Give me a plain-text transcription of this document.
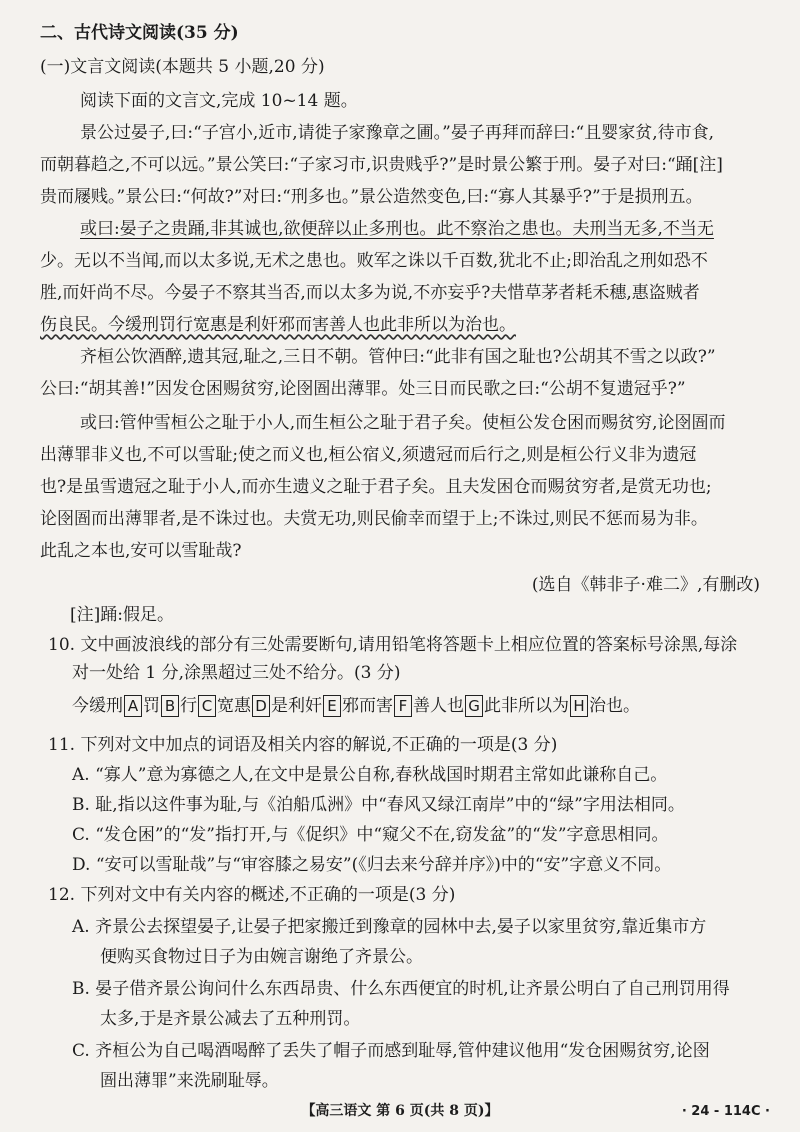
二、古代诗文阅读(35 分)
(一)文言文阅读(本题共 5 小题,20 分)
阅读下面的文言文,完成 10~14 题。
景公过晏子,曰:“子宫小,近市,请徙子家豫章之圃。”晏子再拜而辞曰:“且婴家贫,待市食,
而朝暮趋之,不可以远。”景公笑曰:“子家习市,识贵贱乎?”是时景公繁于刑。晏子对曰:“踊[注]
贵而屦贱。”景公曰:“何故?”对曰:“刑多也。”景公造然变色,曰:“寡人其暴乎?”于是损刑五。
或曰:晏子之贵踊,非其诚也,欲便辞以止多刑也。此不察治之患也。夫刑当无多,不当无
少。无以不当闻,而以太多说,无术之患也。败军之诛以千百数,犹北不止;即治乱之刑如恐不
胜,而奸尚不尽。今晏子不察其当否,而以太多为说,不亦妄乎?夫惜草茅者耗禾穗,惠盗贼者
伤良民。今缓刑罚行宽惠是利奸邪而害善人也此非所以为治也。
齐桓公饮酒醉,遗其冠,耻之,三日不朝。管仲曰:“此非有国之耻也?公胡其不雪之以政?”
公曰:“胡其善!”因发仓困赐贫穷,论囹圄出薄罪。处三日而民歌之曰:“公胡不复遗冠乎?”
或曰:管仲雪桓公之耻于小人,而生桓公之耻于君子矣。使桓公发仓困而赐贫穷,论囹圄而
出薄罪非义也,不可以雪耻;使之而义也,桓公宿义,须遗冠而后行之,则是桓公行义非为遗冠
也?是虽雪遗冠之耻于小人,而亦生遗义之耻于君子矣。且夫发困仓而赐贫穷者,是赏无功也;
论囹圄而出薄罪者,是不诛过也。夫赏无功,则民偷幸而望于上;不诛过,则民不惩而易为非。
此乱之本也,安可以雪耻哉?
(选自《韩非子·难二》,有删改)
[注]踊:假足。
10. 文中画波浪线的部分有三处需要断句,请用铅笔将答题卡上相应位置的答案标号涂黑,每涂
对一处给 1 分,涂黑超过三处不给分。(3 分)
今缓刑 A 罚 B 行 C 宽惠 D 是利奸 E 邪而害 F 善人也 G 此非所以为 H 治也。
11. 下列对文中加点的词语及相关内容的解说,不正确的一项是(3 分)
A. “寡人”意为寡德之人,在文中是景公自称,春秋战国时期君主常如此谦称自己。
B. 耻,指以这件事为耻,与《泊船瓜洲》中“春风又绿江南岸”中的“绿”字用法相同。
C. “发仓困”的“发”指打开,与《促织》中“窥父不在,窃发盆”的“发”字意思相同。
D. “安可以雪耻哉”与“审容膝之易安”(《归去来兮辞并序》)中的“安”字意义不同。
12. 下列对文中有关内容的概述,不正确的一项是(3 分)
A. 齐景公去探望晏子,让晏子把家搬迁到豫章的园林中去,晏子以家里贫穷,靠近集市方
便购买食物过日子为由婉言谢绝了齐景公。
B. 晏子借齐景公询问什么东西昂贵、什么东西便宜的时机,让齐景公明白了自己刑罚用得
太多,于是齐景公减去了五种刑罚。
C. 齐桓公为自己喝酒喝醉了丢失了帽子而感到耻辱,管仲建议他用“发仓困赐贫穷,论囹
圄出薄罪”来洗刷耻辱。
【高三语文 第 6 页(共 8 页)】	· 24 - 114C ·
